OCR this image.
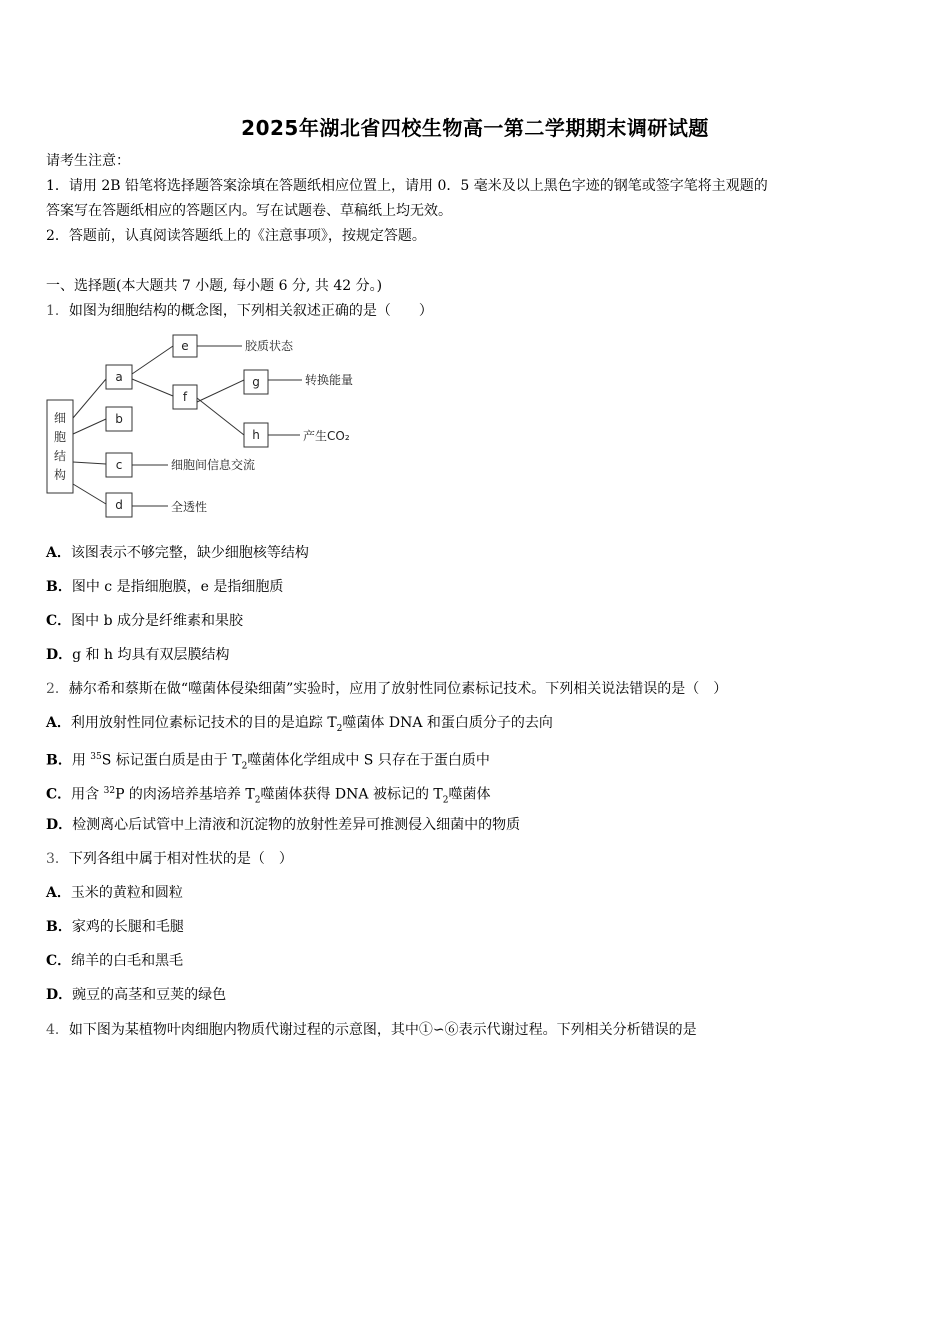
2025年湖北省四校生物高一第二学期期末调研试题
请考生注意：
1．请用 2B 铅笔将选择题答案涂填在答题纸相应位置上，请用 0．5 毫米及以上黑色字迹的钢笔或签字笔将主观题的
答案写在答题纸相应的答题区内。写在试题卷、草稿纸上均无效。
2．答题前，认真阅读答题纸上的《注意事项》，按规定答题。
一、选择题(本大题共 7 小题, 每小题 6 分, 共 42 分。)
1．如图为细胞结构的概念图，下列相关叙述正确的是（　　）
细
胞
结
构
a
b
c
d
e
f
g
h
胶质状态
转换能量
产生CO₂
细胞间信息交流
全透性
A．该图表示不够完整，缺少细胞核等结构
B．图中 c 是指细胞膜，e 是指细胞质
C．图中 b 成分是纤维素和果胶
D．g 和 h 均具有双层膜结构
2．赫尔希和蔡斯在做“噬菌体侵染细菌”实验时，应用了放射性同位素标记技术。下列相关说法错误的是（　）
A．利用放射性同位素标记技术的目的是追踪 $T_2$噬菌体 DNA 和蛋白质分子的去向
B．用 $^{35}$S 标记蛋白质是由于 $T_2$噬菌体化学组成中 S 只存在于蛋白质中
C．用含 $^{32}$P 的肉汤培养基培养 $T_2$噬菌体获得 DNA 被标记的 $T_2$噬菌体
D．检测离心后试管中上清液和沉淀物的放射性差异可推测侵入细菌中的物质
3．下列各组中属于相对性状的是（　）
A．玉米的黄粒和圆粒
B．家鸡的长腿和毛腿
C．绵羊的白毛和黑毛
D．豌豆的高茎和豆荚的绿色
4．如下图为某植物叶肉细胞内物质代谢过程的示意图，其中①∽⑥表示代谢过程。下列相关分析错误的是
